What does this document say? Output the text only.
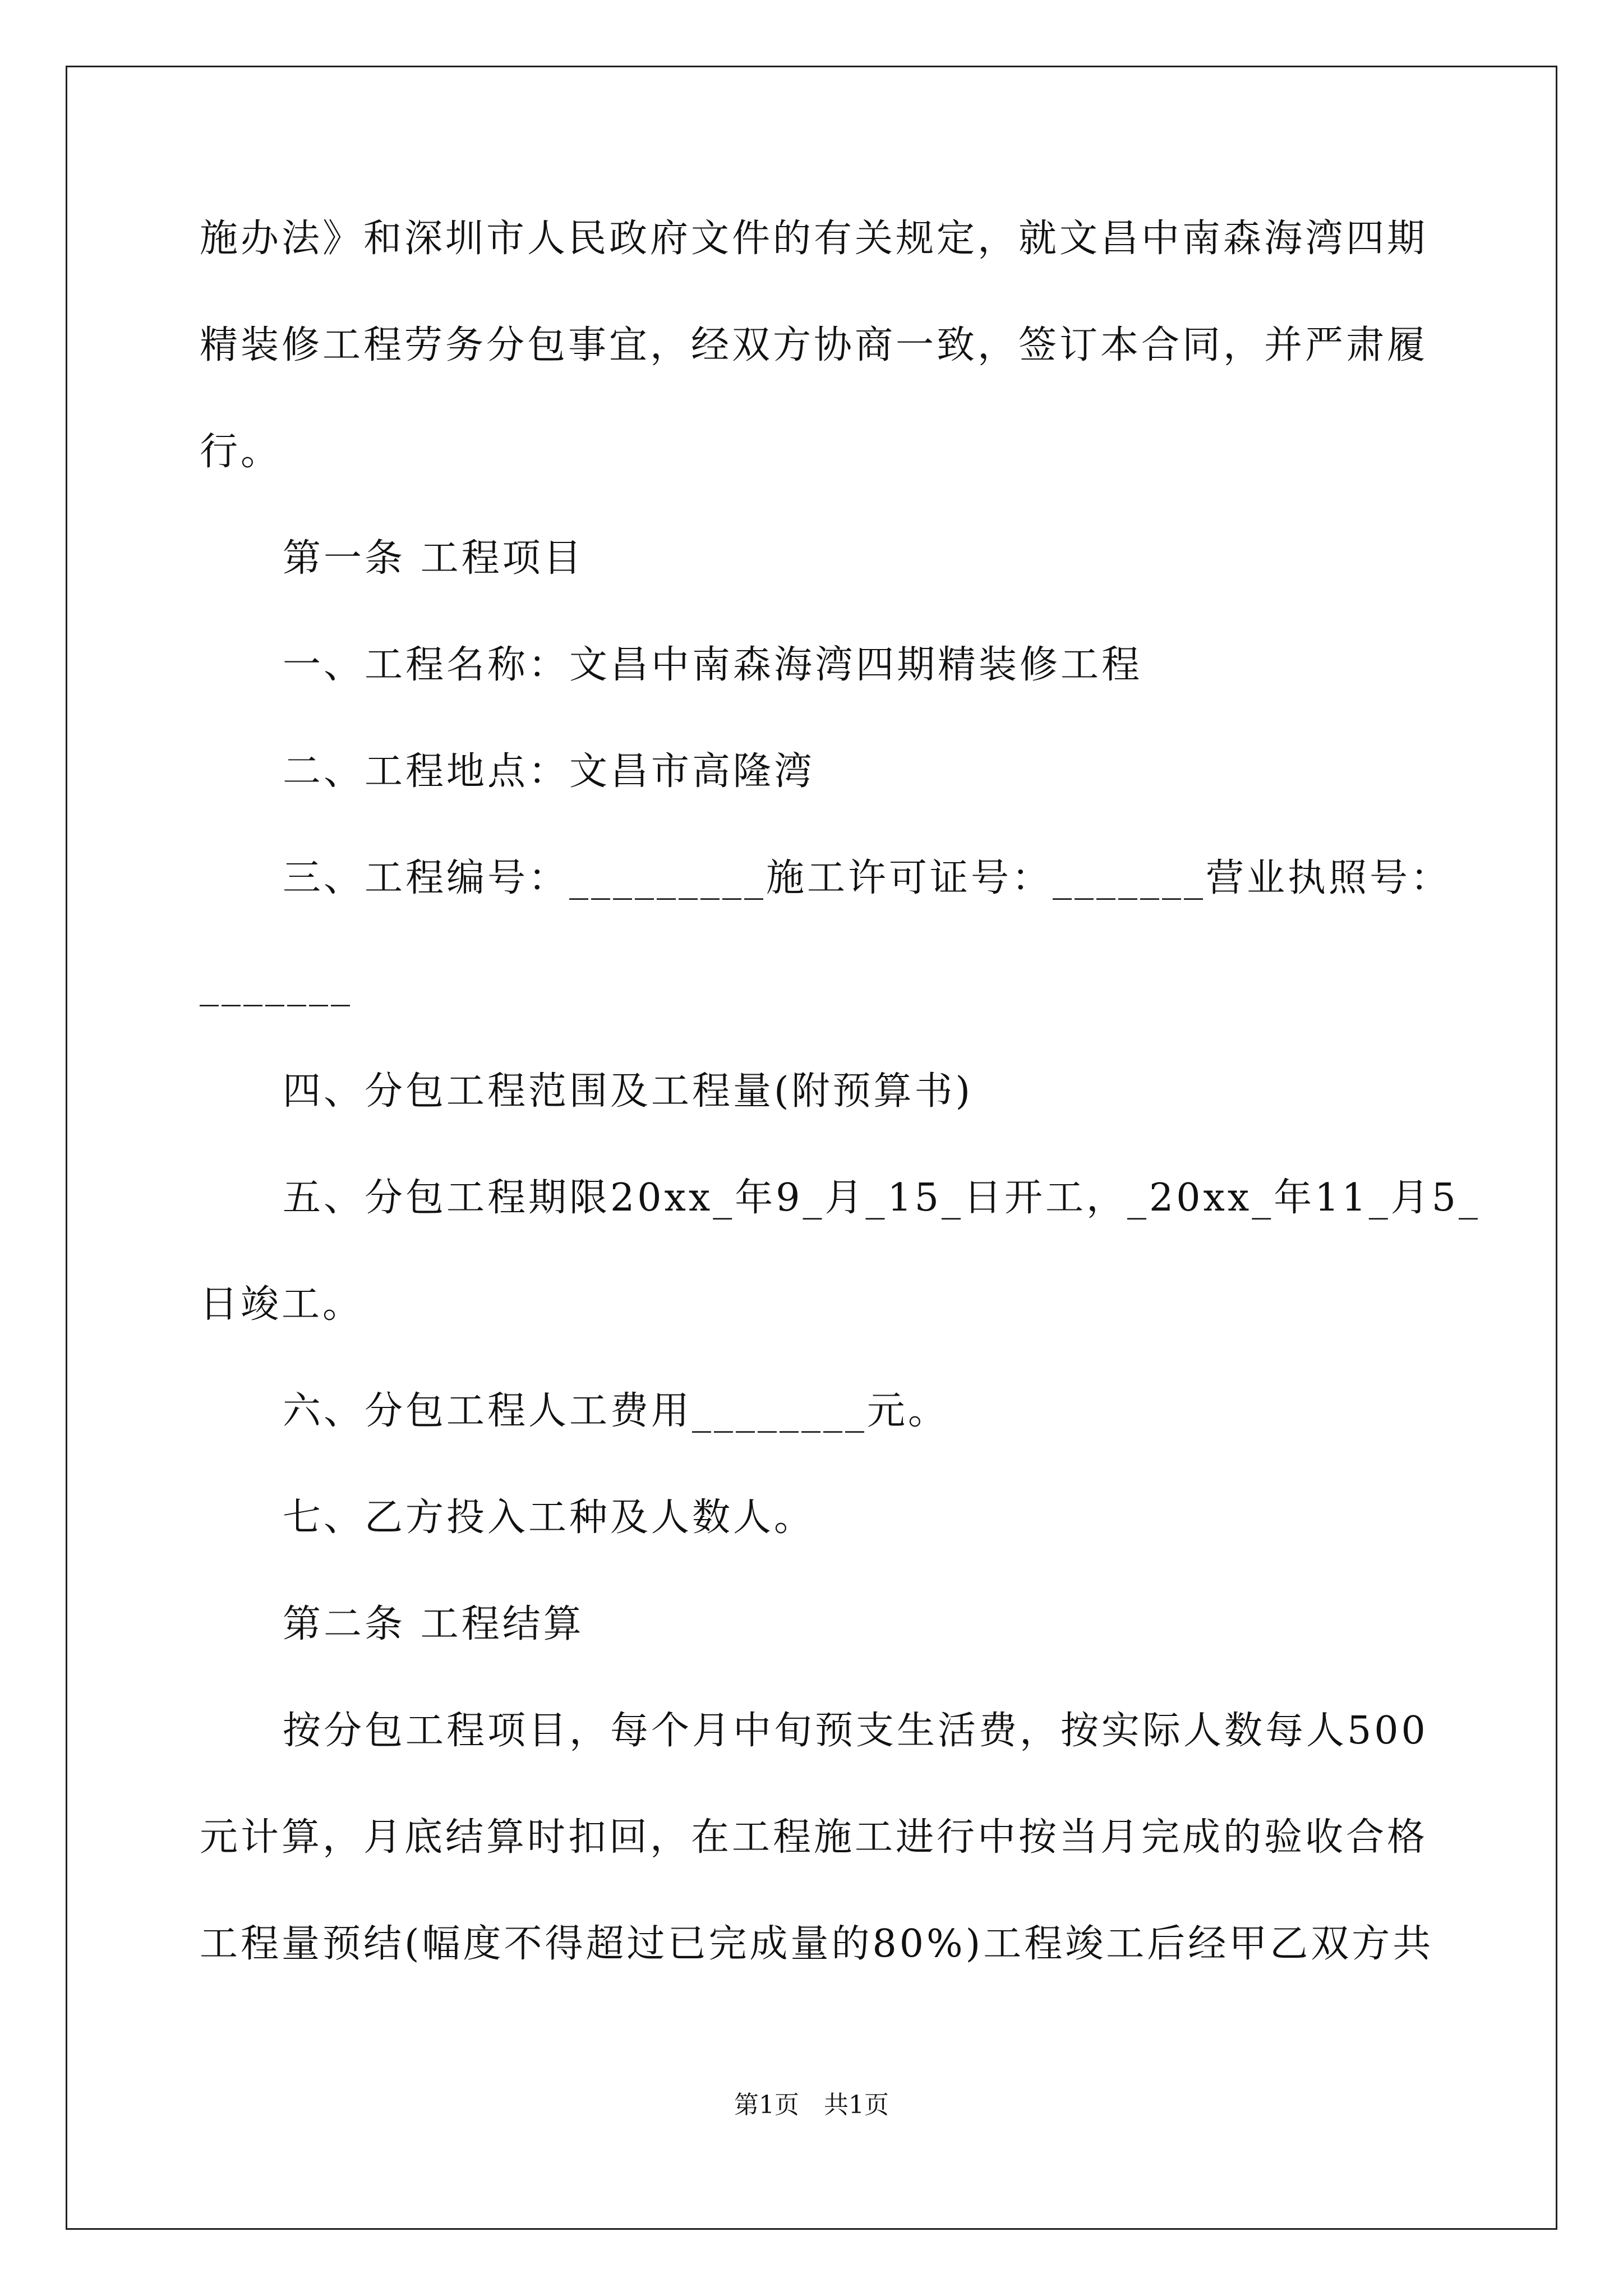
施办法》和深圳市人民政府文件的有关规定，就文昌中南森海湾四期
精装修工程劳务分包事宜，经双方协商一致，签订本合同，并严肃履
行。
第一条 工程项目
一、工程名称：文昌中南森海湾四期精装修工程
二、工程地点：文昌市高隆湾
三、工程编号：_________施工许可证号：_______营业执照号：
_______
四、分包工程范围及工程量(附预算书)
五、分包工程期限20xx_年9_月_15_日开工，_20xx_年11_月5_
日竣工。
六、分包工程人工费用________元。
七、乙方投入工种及人数人。
第二条 工程结算
按分包工程项目，每个月中旬预支生活费，按实际人数每人500
元计算，月底结算时扣回，在工程施工进行中按当月完成的验收合格
工程量预结(幅度不得超过已完成量的80%)工程竣工后经甲乙双方共
第1页　共1页
